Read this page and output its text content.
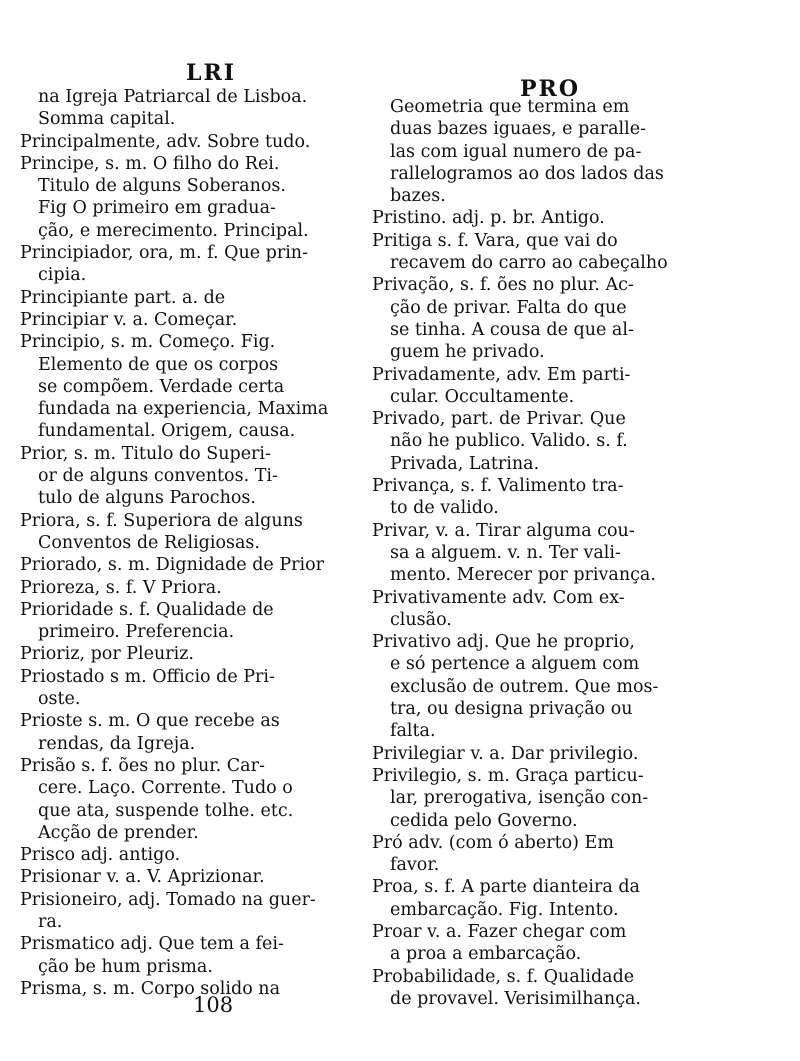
LRI
PRO
na Igreja Patriarcal de Lisboa.
Somma capital.
Principalmente, adv. Sobre tudo.
Principe, s. m. O filho do Rei.
Titulo de alguns Soberanos.
Fig O primeiro em gradua-
ção, e merecimento. Principal.
Principiador, ora, m. f. Que prin-
cipia.
Principiante part. a. de
Principiar v. a. Começar.
Principio, s. m. Começo. Fig.
Elemento de que os corpos
se compõem. Verdade certa
fundada na experiencia, Maxima
fundamental. Origem, causa.
Prior, s. m. Titulo do Superi-
or de alguns conventos. Ti-
tulo de alguns Parochos.
Priora, s. f. Superiora de alguns
Conventos de Religiosas.
Priorado, s. m. Dignidade de Prior
Prioreza, s. f. V Priora.
Prioridade s. f. Qualidade de
primeiro. Preferencia.
Prioriz, por Pleuriz.
Priostado s m. Officio de Pri-
oste.
Prioste s. m. O que recebe as
rendas, da Igreja.
Prisão s. f. ões no plur. Car-
cere. Laço. Corrente. Tudo o
que ata, suspende tolhe. etc.
Acção de prender.
Prisco adj. antigo.
Prisionar v. a. V. Aprizionar.
Prisioneiro, adj. Tomado na guer-
ra.
Prismatico adj. Que tem a fei-
ção be hum prisma.
Prisma, s. m. Corpo solido na
Geometria que termina em
duas bazes iguaes, e paralle-
las com igual numero de pa-
rallelogramos ao dos lados das
bazes.
Pristino. adj. p. br. Antigo.
Pritiga s. f. Vara, que vai do
recavem do carro ao cabeçalho
Privação, s. f. ões no plur. Ac-
ção de privar. Falta do que
se tinha. A cousa de que al-
guem he privado.
Privadamente, adv. Em parti-
cular. Occultamente.
Privado, part. de Privar. Que
não he publico. Valido. s. f.
Privada, Latrina.
Privança, s. f. Valimento tra-
to de valido.
Privar, v. a. Tirar alguma cou-
sa a alguem. v. n. Ter vali-
mento. Merecer por privança.
Privativamente adv. Com ex-
clusão.
Privativo adj. Que he proprio,
e só pertence a alguem com
exclusão de outrem. Que mos-
tra, ou designa privação ou
falta.
Privilegiar v. a. Dar privilegio.
Privilegio, s. m. Graça particu-
lar, prerogativa, isenção con-
cedida pelo Governo.
Pró adv. (com ó aberto) Em
favor.
Proa, s. f. A parte dianteira da
embarcação. Fig. Intento.
Proar v. a. Fazer chegar com
a proa a embarcação.
Probabilidade, s. f. Qualidade
de provavel. Verisimilhança.
108
